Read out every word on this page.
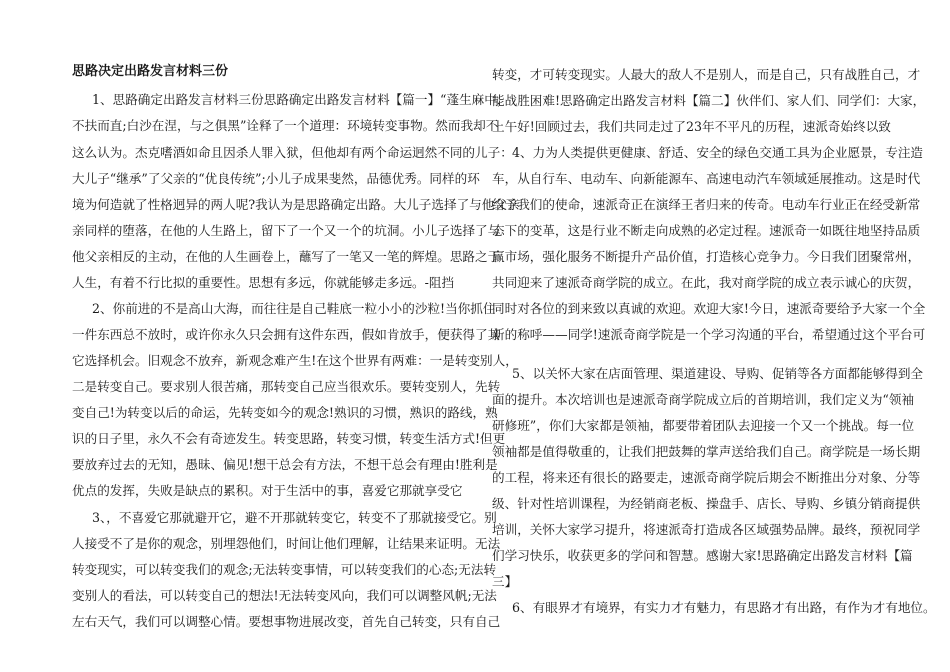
思路决定出路发言材料三份
1、思路确定出路发言材料三份思路确定出路发言材料【篇一】“蓬生麻中，
不扶而直;白沙在涅，与之俱黑”诠释了一个道理：环境转变事物。然而我却不
这么认为。杰克嗜酒如命且因杀人罪入狱，但他却有两个命运迥然不同的儿子：
大儿子“继承”了父亲的“优良传统”;小儿子成果斐然，品德优秀。同样的环
境为何造就了性格迥异的两人呢?我认为是思路确定出路。大儿子选择了与他父亲
亲同样的堕落，在他的人生路上，留下了一个又一个的坑洞。小儿子选择了与
他父亲相反的主动，在他的人生画卷上，蘸写了一笔又一笔的辉煌。思路之于
人生，有着不行比拟的重要性。思想有多远，你就能够走多远。-阻挡
2、你前进的不是高山大海，而往往是自己鞋底一粒小小的沙粒!当你抓住
一件东西总不放时，或许你永久只会拥有这件东西，假如肯放手，便获得了其
它选择机会。旧观念不放弃，新观念难产生!在这个世界有两难：一是转变别人，
二是转变自己。要求别人很苦痛，那转变自己应当很欢乐。要转变别人，先转
变自己!为转变以后的命运，先转变如今的观念!熟识的习惯，熟识的路线，熟
识的日子里，永久不会有奇迹发生。转变思路，转变习惯，转变生活方式!但更
要放弃过去的无知，愚昧、偏见!想干总会有方法，不想干总会有理由!胜利是
优点的发挥，失败是缺点的累积。对于生活中的事，喜爱它那就享受它
3、，不喜爱它那就避开它，避不开那就转变它，转变不了那就接受它。别
人接受不了是你的观念，别埋怨他们，时间让他们理解，让结果来证明。无法
转变现实，可以转变我们的观念;无法转变事情，可以转变我们的心态;无法转
变别人的看法，可以转变自己的想法!无法转变风向，我们可以调整风帆;无法
左右天气，我们可以调整心情。要想事物进展改变，首先自己转变，只有自己
转变，才可转变现实。人最大的敌人不是别人，而是自己，只有战胜自己，才
能战胜困难!思路确定出路发言材料【篇二】伙伴们、家人们、同学们：大家，
上午好!回顾过去，我们共同走过了23年不平凡的历程，速派奇始终以致
4、力为人类提供更健康、舒适、安全的绿色交通工具为企业愿景，专注造
车，从自行车、电动车、向新能源车、高速电动汽车领域延展推动。这是时代
给予我们的使命，速派奇正在演绎王者归来的传奇。电动车行业正在经受新常
态下的变革，这是行业不断走向成熟的必定过程。速派奇一如既往地坚持品质
赢市场，强化服务不断提升产品价值，打造核心竞争力。今日我们团聚常州，
共同迎来了速派奇商学院的成立。在此，我对商学院的成立表示诚心的庆贺，
同时对各位的到来致以真诚的欢迎。欢迎大家!今日，速派奇要给予大家一个全
新的称呼——同学!速派奇商学院是一个学习沟通的平台，希望通过这个平台可
5、以关怀大家在店面管理、渠道建设、导购、促销等各方面都能够得到全
面的提升。本次培训也是速派奇商学院成立后的首期培训，我们定义为“领袖
研修班”，你们大家都是领袖，都要带着团队去迎接一个又一个挑战。每一位
领袖都是值得敬重的，让我们把鼓舞的掌声送给我们自己。商学院是一场长期
的工程，将来还有很长的路要走，速派奇商学院后期会不断推出分对象、分等
级、针对性培训课程，为经销商老板、操盘手、店长、导购、乡镇分销商提供
培训，关怀大家学习提升，将速派奇打造成各区域强势品牌。最终，预祝同学
们学习快乐，收获更多的学问和智慧。感谢大家!思路确定出路发言材料【篇
三】
6、有眼界才有境界，有实力才有魅力，有思路才有出路，有作为才有地位。
